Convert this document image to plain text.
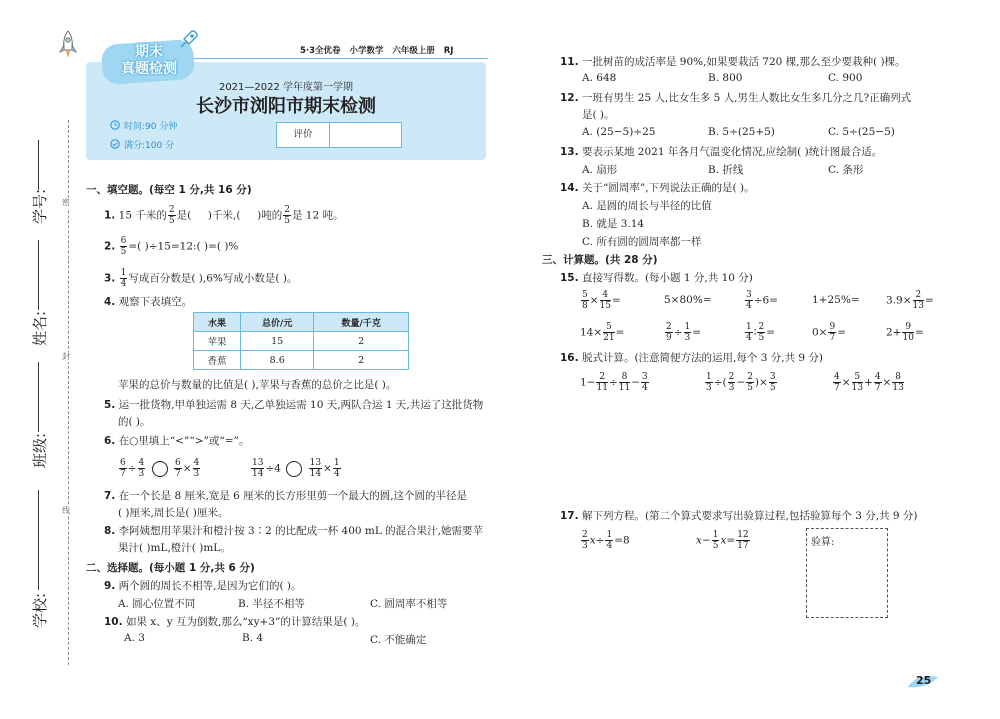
密
封
线
学号:
姓名:
班级:
学校:
期末
真题检测
5·3全优卷 小学数学 六年级上册 RJ
2021—2022 学年度第一学期
长沙市浏阳市期末检测
时间:90 分钟
满分:100 分
评价
一、填空题。(每空 1 分,共 16 分)
1. 15 千米的 $\frac{2}{5}$ 是( )千米,( )吨的 $\frac{2}{5}$ 是 12 吨。
2. $\frac{6}{5}$ =( )÷15=12:( )=( )%
3. $\frac{1}{4}$ 写成百分数是( ),6%写成小数是( )。
4. 观察下表填空。
水果	总价/元	数量/千克
苹果	15	2
香蕉	8.6	2
苹果的总价与数量的比值是( ),苹果与香蕉的总价之比是( )。
5. 运一批货物,甲单独运需 8 天,乙单独运需 10 天,两队合运 1 天,共运了这批货物
的( )。
6. 在○里填上“<”“>”或“=”。
$\frac{6}{7} \div \frac{4}{3}$
	$\frac{6}{7} \times \frac{4}{3}$	$\frac{13}{14} \div 4$	$\frac{13}{14} \times \frac{1}{4}$
7. 在一个长是 8 厘米,宽是 6 厘米的长方形里剪一个最大的圆,这个圆的半径是
( )厘米,周长是( )厘米。
8. 李阿姨想用苹果汁和橙汁按 3∶2 的比配成一杯 400 mL 的混合果汁,她需要苹
果汁( )mL,橙汁( )mL。
二、选择题。(每小题 1 分,共 6 分)
9. 两个圆的周长不相等,是因为它们的( )。
A. 圆心位置不同	B. 半径不相等	C. 圆周率不相等
10. 如果 x、y 互为倒数,那么“xy+3”的计算结果是( )。
A. 3	B. 4	C. 不能确定
11. 一批树苗的成活率是 90%,如果要栽活 720 棵,那么至少要栽种( )棵。
A. 648	B. 800	C. 900
12. 一班有男生 25 人,比女生多 5 人,男生人数比女生多几分之几?正确列式
是( )。
A. (25−5)÷25	B. 5÷(25+5)	C. 5÷(25−5)
13. 要表示某地 2021 年各月气温变化情况,应绘制( )统计图最合适。
A. 扇形	B. 折线	C. 条形
14. 关于“圆周率”,下列说法正确的是( )。
A. 是圆的周长与半径的比值
B. 就是 3.14
C. 所有圆的圆周率都一样
三、计算题。(共 28 分)
15. 直接写得数。(每小题 1 分,共 10 分)
$\frac{5}{8} \times \frac{4}{15}$ =	5×80%=	$\frac{3}{4} \div 6=$	1+25%=	$3.9\times \frac{2}{13}$ =
$14\times \frac{5}{21}$ =	$\frac{2}{9} \div \frac{1}{3}$ =	$\frac{1}{4}$ ∶ $\frac{2}{5}$ =	$0\times \frac{9}{7}$ =	$2+ \frac{9}{10}$ =
16. 脱式计算。(注意简便方法的运用,每个 3 分,共 9 分)
$1- \frac{2}{11} \div \frac{8}{11} - \frac{3}{4}$	$\frac{1}{3}$ ÷( $\frac{2}{3} - \frac{2}{5}$ )× $\frac{3}{5}$	$\frac{4}{7} \times \frac{5}{13} + \frac{4}{7} \times \frac{8}{13}$
17. 解下列方程。(第二个算式要求写出验算过程,包括验算每个 3 分,共 9 分)
$\frac{2}{3} x\div \frac{1}{4} =8$	$x- \frac{1}{5} x= \frac{12}{17}$	验算:
25
